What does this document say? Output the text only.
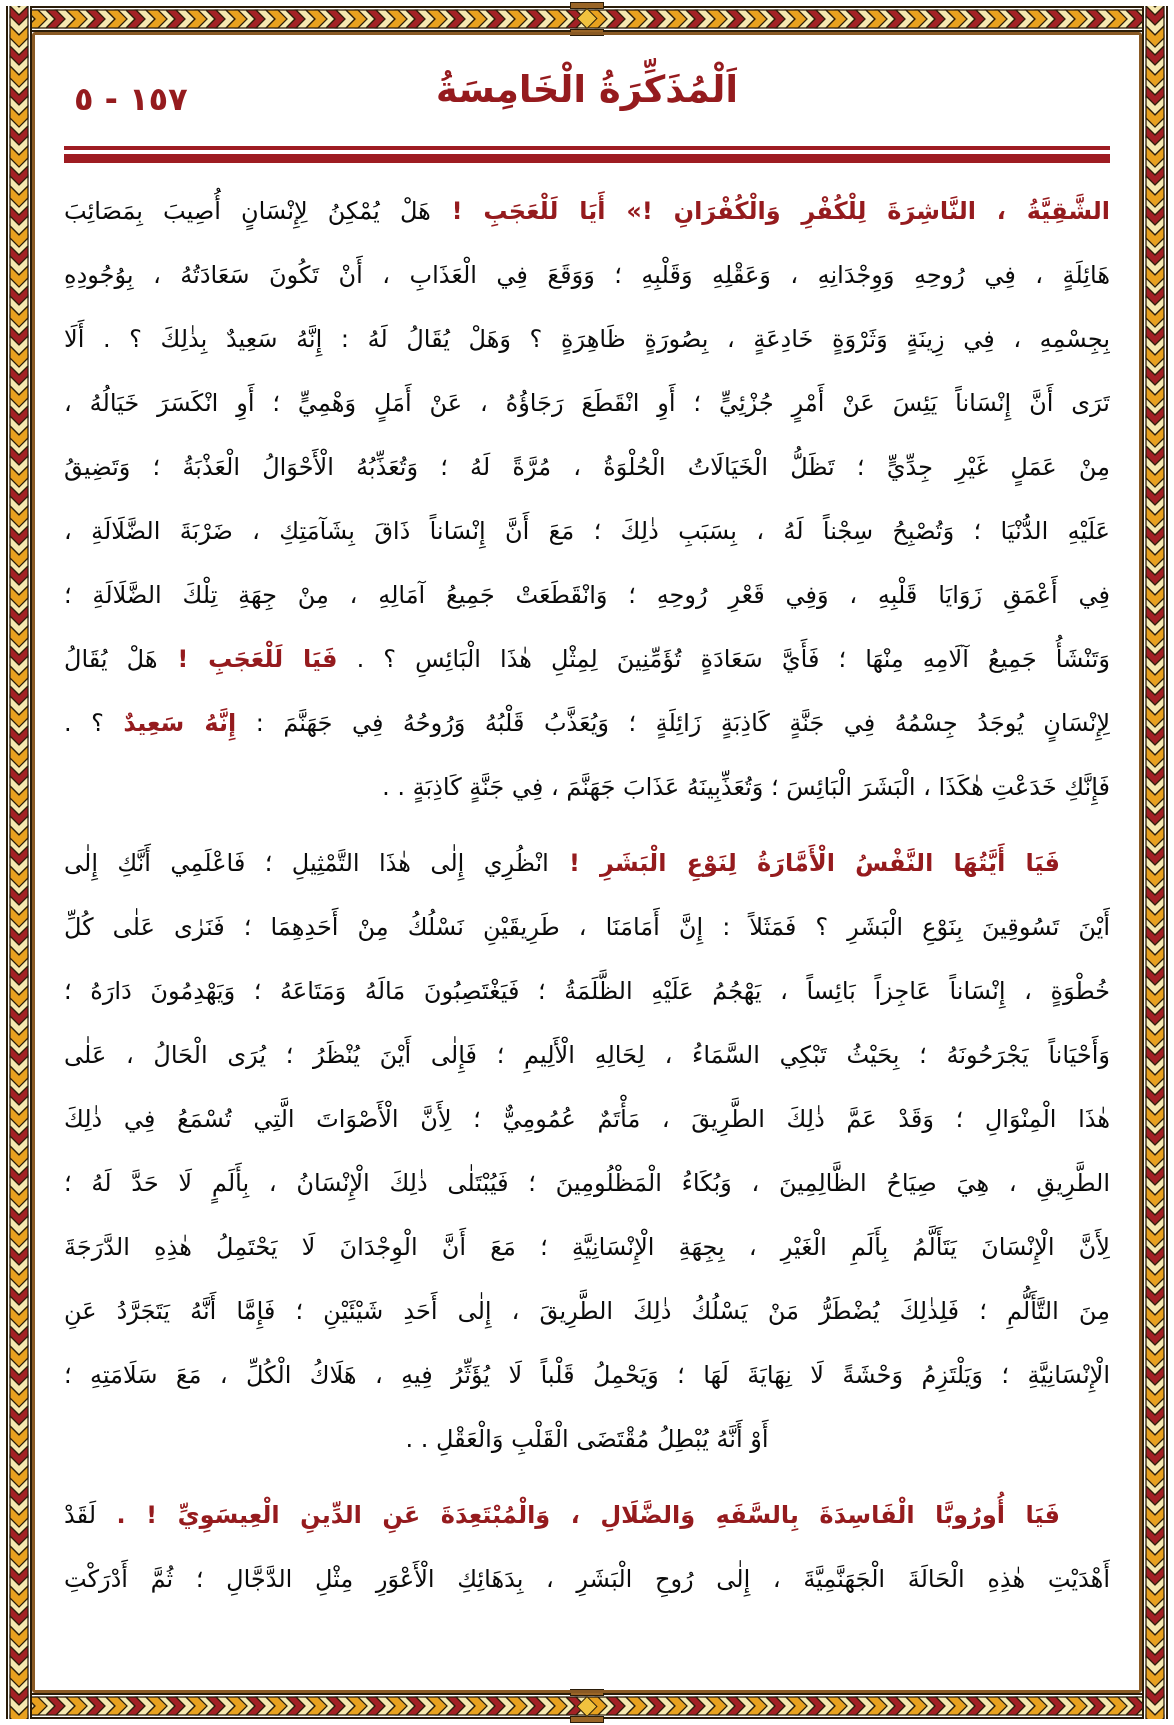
١٥٧ - ٥	اَلْمُذَكِّرَةُ الْخَامِسَةُ
الشَّقِيَّةُ ، النَّاشِرَةَ لِلْكُفْرِ وَالْكُفْرَانِ !» أَيَا لَلْعَجَبِ ! هَلْ يُمْكِنُ لِإِنْسَانٍ أُصِيبَ بِمَصَائِبَ
هَائِلَةٍ ، فِي رُوحِهِ وَوِجْدَانِهِ ، وَعَقْلِهِ وَقَلْبِهِ ؛ وَوَقَعَ فِي الْعَذَابِ ، أَنْ تَكُونَ سَعَادَتُهُ ، بِوُجُودِهِ
بِجِسْمِهِ ، فِي زِينَةٍ وَثَرْوَةٍ خَادِعَةٍ ، بِصُورَةٍ ظَاهِرَةٍ ؟ وَهَلْ يُقَالُ لَهُ : إِنَّهُ سَعِيدٌ بِذٰلِكَ ؟ . أَلَا
تَرَى أَنَّ إِنْسَاناً يَئِسَ عَنْ أَمْرٍ جُزْئِيٍّ ؛ أَوِ انْقَطَعَ رَجَاؤُهُ ، عَنْ أَمَلٍ وَهْمِيٍّ ؛ أَوِ انْكَسَرَ خَيَالُهُ ،
مِنْ عَمَلٍ غَيْرِ جِدِّيٍّ ؛ تَظَلُّ الْخَيَالَاتُ الْحُلْوَةُ ، مُرَّةً لَهُ ؛ وَتُعَذِّبُهُ الْأَحْوَالُ الْعَذْبَةُ ؛ وَتَضِيقُ
عَلَيْهِ الدُّنْيَا ؛ وَتُصْبِحُ سِجْناً لَهُ ، بِسَبَبِ ذٰلِكَ ؛ مَعَ أَنَّ إِنْسَاناً ذَاقَ بِشَآمَتِكِ ، ضَرْبَةَ الضَّلَالَةِ ،
فِي أَعْمَقِ زَوَايَا قَلْبِهِ ، وَفِي قَعْرِ رُوحِهِ ؛ وَانْقَطَعَتْ جَمِيعُ آمَالِهِ ، مِنْ جِهَةِ تِلْكَ الضَّلَالَةِ ؛
وَتَنْشَأُ جَمِيعُ آلَامِهِ مِنْهَا ؛ فَأَيَّ سَعَادَةٍ تُؤَمِّنِينَ لِمِثْلِ هٰذَا الْبَائِسِ ؟ . فَيَا لَلْعَجَبِ ! هَلْ يُقَالُ
لِإِنْسَانٍ يُوجَدُ جِسْمُهُ فِي جَنَّةٍ كَاذِبَةٍ زَائِلَةٍ ؛ وَيُعَذَّبُ قَلْبُهُ وَرُوحُهُ فِي جَهَنَّمَ : إِنَّهُ سَعِيدٌ ؟ .
فَإِنَّكِ خَدَعْتِ هٰكَذَا ، الْبَشَرَ الْبَائِسَ ؛ وَتُعَذِّبِينَهُ عَذَابَ جَهَنَّمَ ، فِي جَنَّةٍ كَاذِبَةٍ . .
فَيَا أَيَّتُهَا النَّفْسُ الْأَمَّارَةُ لِنَوْعِ الْبَشَرِ ! انْظُرِي إِلٰى هٰذَا التَّمْثِيلِ ؛ فَاعْلَمِي أَنَّكِ إِلٰى
أَيْنَ تَسُوقِينَ بِنَوْعِ الْبَشَرِ ؟ فَمَثَلاً : إِنَّ أَمَامَنَا ، طَرِيقَيْنِ نَسْلُكُ مِنْ أَحَدِهِمَا ؛ فَنَرٰى عَلٰى كُلِّ
خُطْوَةٍ ، إِنْسَاناً عَاجِزاً بَائِساً ، يَهْجُمُ عَلَيْهِ الظَّلَمَةُ ؛ فَيَغْتَصِبُونَ مَالَهُ وَمَتَاعَهُ ؛ وَيَهْدِمُونَ دَارَهُ ؛
وَأَحْيَاناً يَجْرَحُونَهُ ؛ بِحَيْثُ تَبْكِي السَّمَاءُ ، لِحَالِهِ الْأَلِيمِ ؛ فَإِلٰى أَيْنَ يُنْظَرُ ؛ يُرَى الْحَالُ ، عَلٰى
هٰذَا الْمِنْوَالِ ؛ وَقَدْ عَمَّ ذٰلِكَ الطَّرِيقَ ، مَأْتَمٌ عُمُومِيٌّ ؛ لِأَنَّ الْأَصْوَاتَ الَّتِي تُسْمَعُ فِي ذٰلِكَ
الطَّرِيقِ ، هِيَ صِيَاحُ الظَّالِمِينَ ، وَبُكَاءُ الْمَظْلُومِينَ ؛ فَيُبْتَلٰى ذٰلِكَ الْإِنْسَانُ ، بِأَلَمٍ لَا حَدَّ لَهُ ؛
لِأَنَّ الْإِنْسَانَ يَتَأَلَّمُ بِأَلَمِ الْغَيْرِ ، بِجِهَةِ الْإِنْسَانِيَّةِ ؛ مَعَ أَنَّ الْوِجْدَانَ لَا يَحْتَمِلُ هٰذِهِ الدَّرَجَةَ
مِنَ التَّأَلُّمِ ؛ فَلِذٰلِكَ يُضْطَرُّ مَنْ يَسْلُكُ ذٰلِكَ الطَّرِيقَ ، إِلٰى أَحَدِ شَيْئَيْنِ ؛ فَإِمَّا أَنَّهُ يَتَجَرَّدُ عَنِ
الْإِنْسَانِيَّةِ ؛ وَيَلْتَزِمُ وَحْشَةً لَا نِهَايَةَ لَهَا ؛ وَيَحْمِلُ قَلْباً لَا يُؤَثِّرُ فِيهِ ، هَلَاكُ الْكُلِّ ، مَعَ سَلَامَتِهِ ؛
أَوْ أَنَّهُ يُبْطِلُ مُقْتَضَى الْقَلْبِ وَالْعَقْلِ . .
فَيَا أُورُوبَّا الْفَاسِدَةَ بِالسَّفَهِ وَالضَّلَالِ ، وَالْمُبْتَعِدَةَ عَنِ الدِّينِ الْعِيسَوِيِّ ! . لَقَدْ
أَهْدَيْتِ هٰذِهِ الْحَالَةَ الْجَهَنَّمِيَّةَ ، إِلٰى رُوحِ الْبَشَرِ ، بِدَهَائِكِ الْأَعْوَرِ مِثْلِ الدَّجَّالِ ؛ ثُمَّ أَدْرَكْتِ
